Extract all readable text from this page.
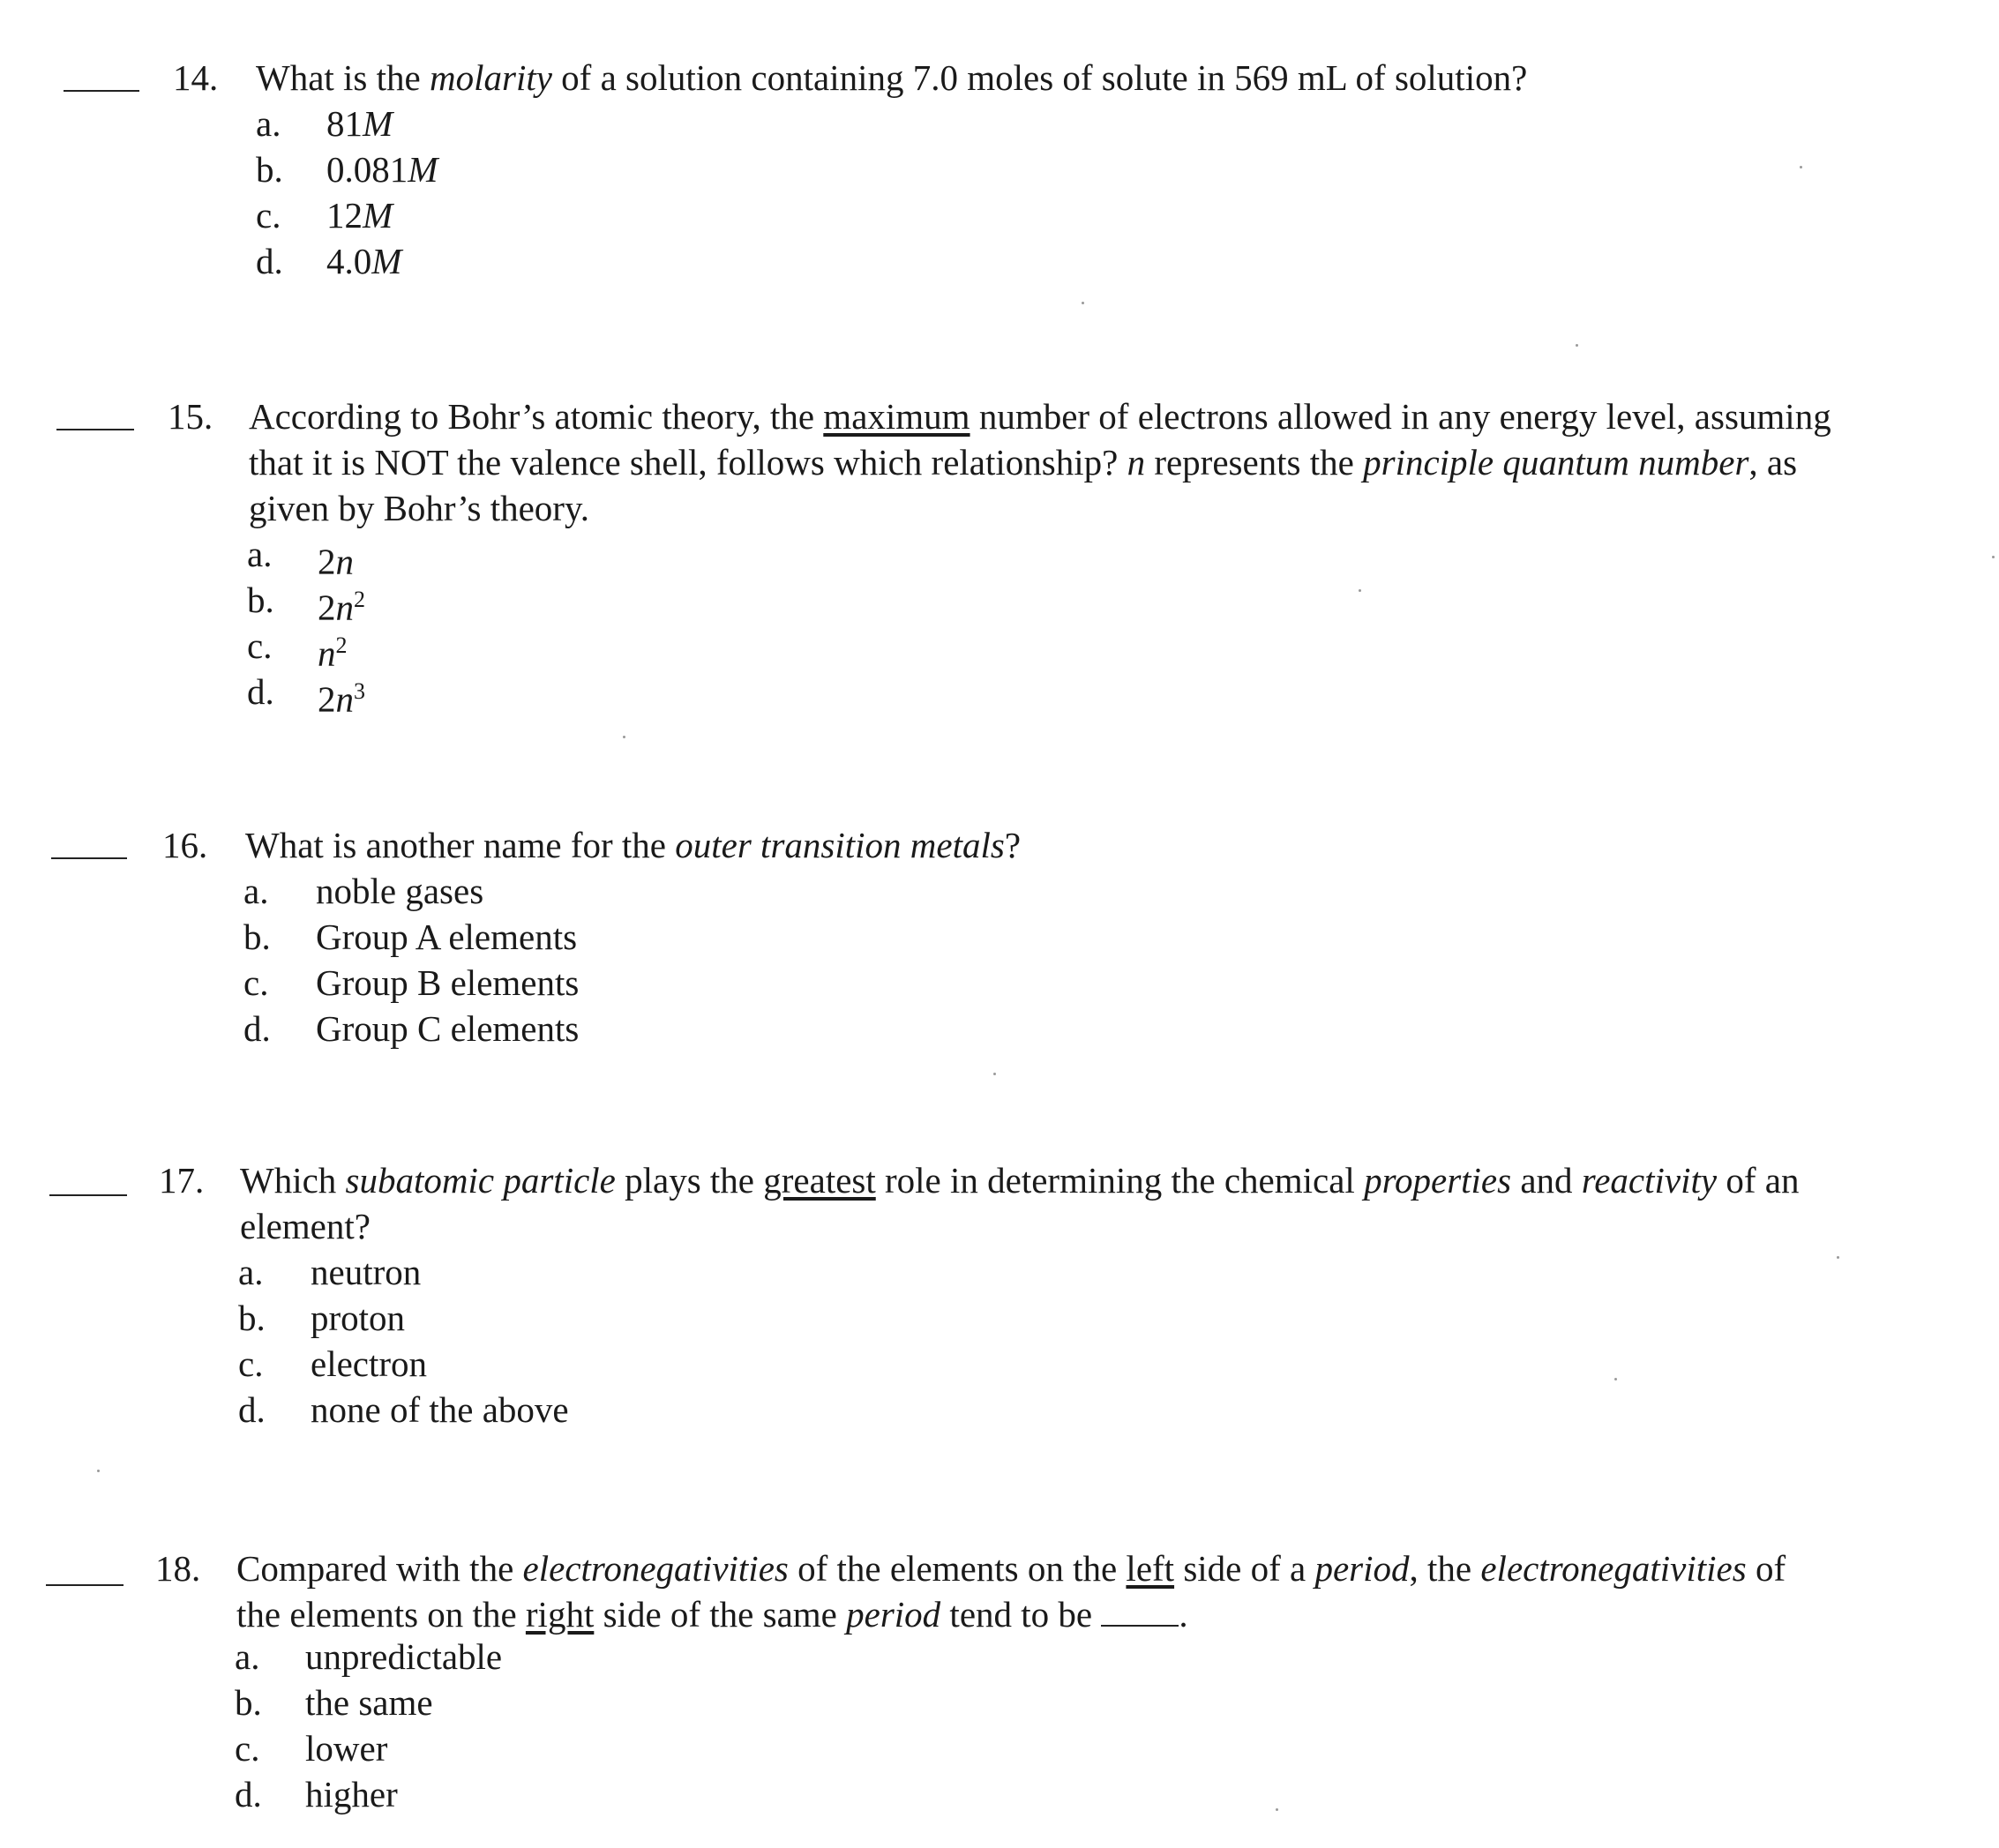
14. What is the molarity of a solution containing 7.0 moles of solute in 569 mL of solution?
a. 81M
b. 0.081M
c. 12M
d. 4.0M
15. According to Bohr’s atomic theory, the maximum number of electrons allowed in any energy level, assuming
that it is NOT the valence shell, follows which relationship? n represents the principle quantum number, as
given by Bohr’s theory.
a. 2n
b. $2n^2$
c. $n^2$
d. $2n^3$
16. What is another name for the outer transition metals?
a. noble gases
b. Group A elements
c. Group B elements
d. Group C elements
17. Which subatomic particle plays the greatest role in determining the chemical properties and reactivity of an
element?
a. neutron
b. proton
c. electron
d. none of the above
18. Compared with the electronegativities of the elements on the left side of a period, the electronegativities of
the elements on the right side of the same period tend to be .
a. unpredictable
b. the same
c. lower
d. higher
